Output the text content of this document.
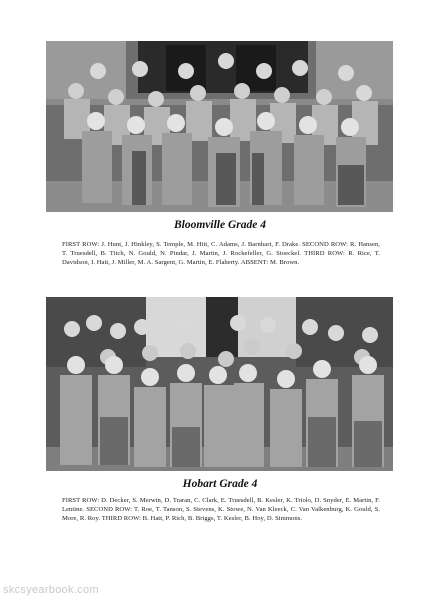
Bloomville Grade 4
FIRST ROW: J. Hunt, J. Hinkley, S. Temple, M. Hitt, C. Adams, J. Barnhart, F. Drake. SECOND ROW: R. Hansen, T. Truesdell, B. Titch, N. Gould, N. Pindar, J. Martin, J. Rockefeller, G. Stoeckel. THIRD ROW: R. Rice, T. Davidson, I. Hatt, J. Miller, M. A. Sargent, G. Martin, E. Flaherty. ABSENT: M. Brown.
Hobart Grade 4
FIRST ROW: D. Decker, S. Merwin, D. Traran, C. Clark, E. Truesdell, B. Kesler, K. Triolo, D. Snyder, E. Martin, F. Lentine. SECOND ROW: T. Roe, T. Tanson, S. Stevens, K. Stowe, N. Van Kleeck, C. Van Valkenburg, K. Gould, S. More, R. Roy. THIRD ROW: B. Hatt, P. Rich, B. Briggs, T. Kesler, B. Hoy, D. Simmons.
skcsyearbook.com
